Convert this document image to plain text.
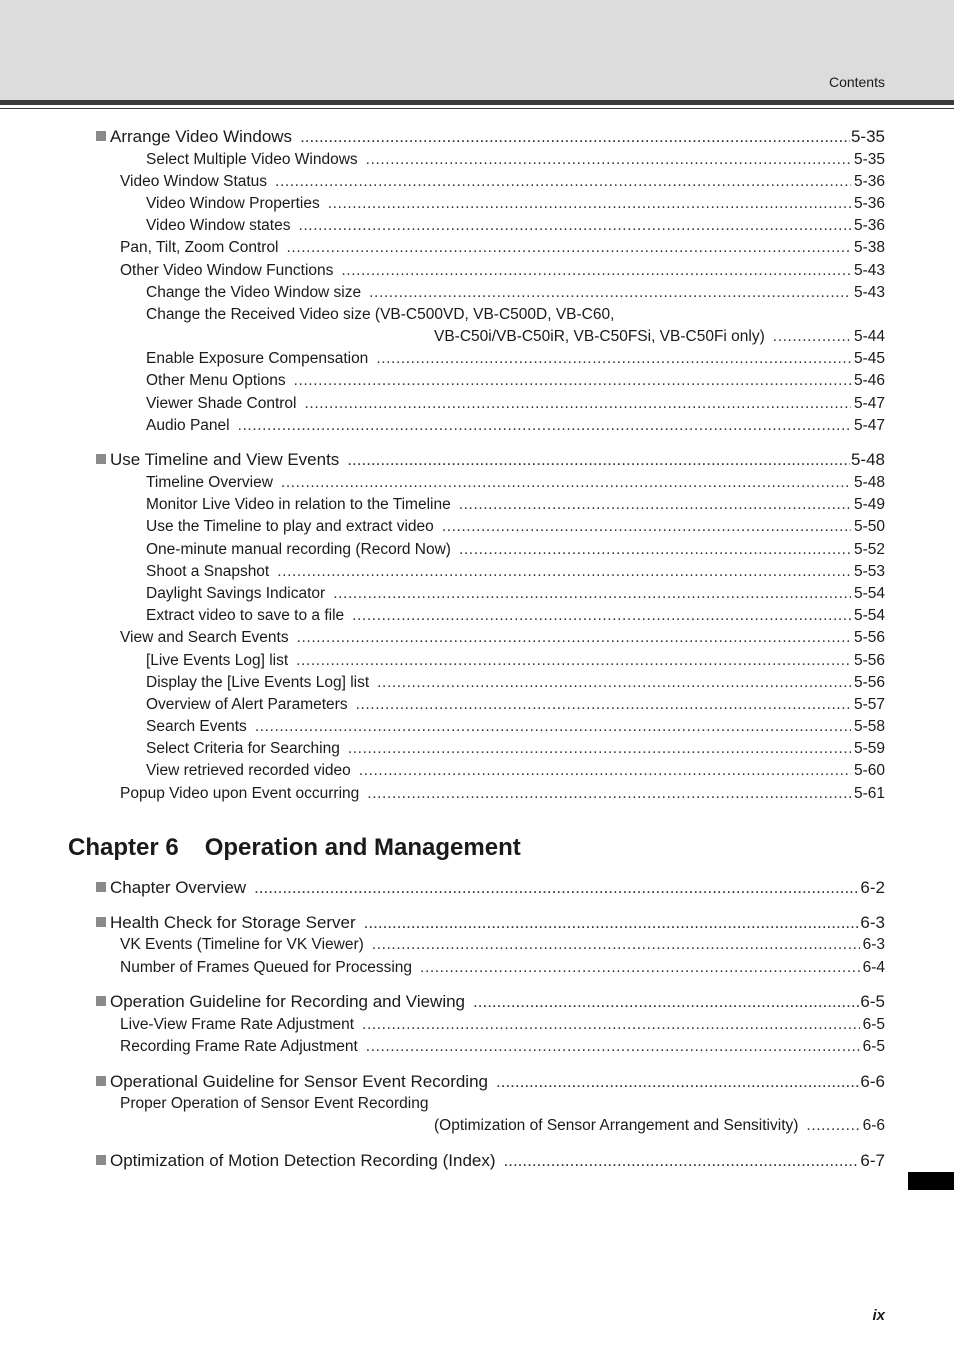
Contents
Arrange Video Windows .....	5-35
Select Multiple Video Windows .....	5-35
Video Window Status .....	5-36
Video Window Properties .....	5-36
Video Window states .....	5-36
Pan, Tilt, Zoom Control .....	5-38
Other Video Window Functions .....	5-43
Change the Video Window size .....	5-43
Change the Received Video size (VB-C500VD, VB-C500D, VB-C60,
VB-C50i/VB-C50iR, VB-C50FSi, VB-C50Fi only) .....	5-44
Enable Exposure Compensation .....	5-45
Other Menu Options .....	5-46
Viewer Shade Control .....	5-47
Audio Panel .....	5-47
Use Timeline and View Events .....	5-48
Timeline Overview .....	5-48
Monitor Live Video in relation to the Timeline .....	5-49
Use the Timeline to play and extract video .....	5-50
One-minute manual recording (Record Now) .....	5-52
Shoot a Snapshot .....	5-53
Daylight Savings Indicator .....	5-54
Extract video to save to a file .....	5-54
View and Search Events .....	5-56
[Live Events Log] list .....	5-56
Display the [Live Events Log] list .....	5-56
Overview of Alert Parameters .....	5-57
Search Events .....	5-58
Select Criteria for Searching .....	5-59
View retrieved recorded video .....	5-60
Popup Video upon Event occurring .....	5-61
Chapter 6 Operation and Management
Chapter Overview .....	6-2
Health Check for Storage Server .....	6-3
VK Events (Timeline for VK Viewer) .....	6-3
Number of Frames Queued for Processing .....	6-4
Operation Guideline for Recording and Viewing .....	6-5
Live-View Frame Rate Adjustment .....	6-5
Recording Frame Rate Adjustment .....	6-5
Operational Guideline for Sensor Event Recording .....	6-6
Proper Operation of Sensor Event Recording
(Optimization of Sensor Arrangement and Sensitivity) .....	6-6
Optimization of Motion Detection Recording (Index) .....	6-7
ix
